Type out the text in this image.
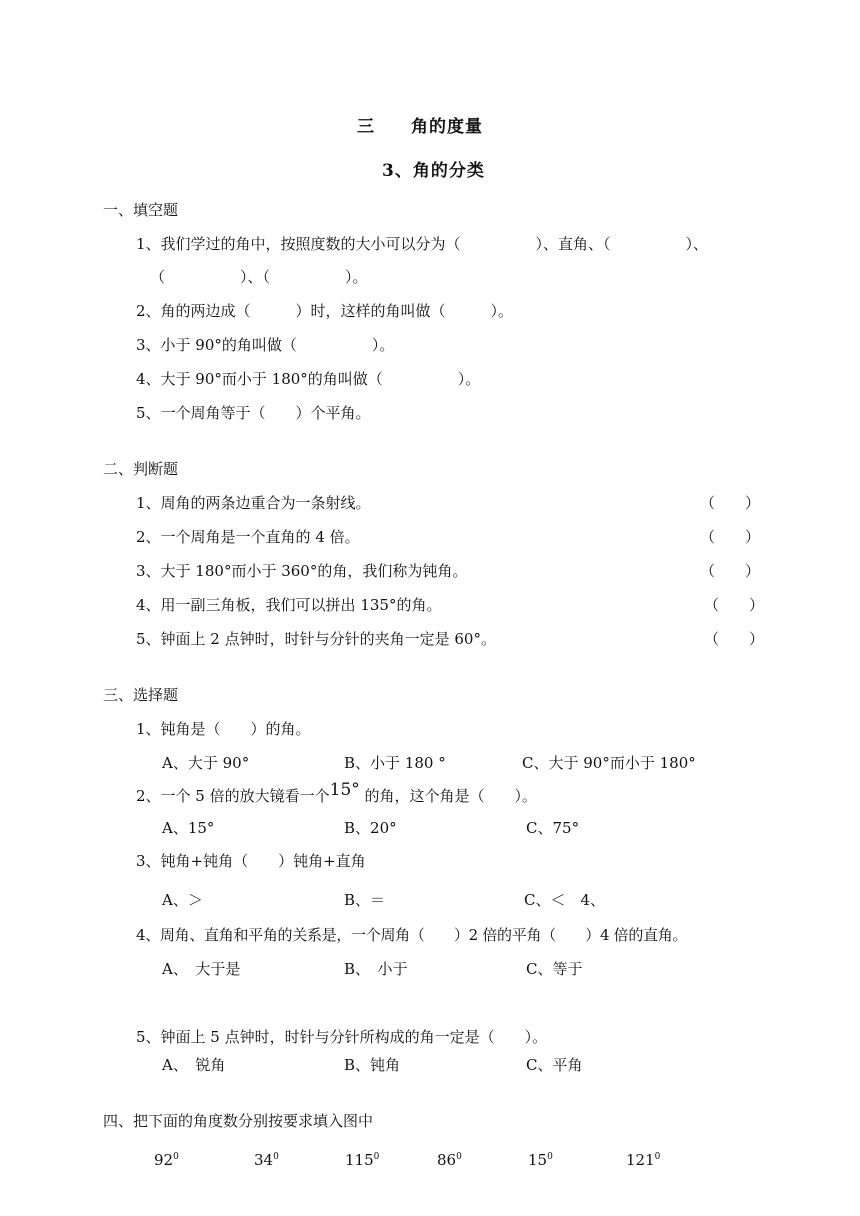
三　　角的度量
3、角的分类
一、填空题
1、我们学过的角中，按照度数的大小可以分为（　　　　　）、直角、（　　　　　）、
（　　　　　）、（　　　　　）。
2、角的两边成（　　　）时，这样的角叫做（　　　）。
3、小于 90°的角叫做（　　　　　）。
4、大于 90°而小于 180°的角叫做（　　　　　）。
5、一个周角等于（　　）个平角。
二、判断题
1、周角的两条边重合为一条射线。	（　　）
2、一个周角是一个直角的 4 倍。	（　　）
3、大于 180°而小于 360°的角，我们称为钝角。	（　　）
4、用一副三角板，我们可以拼出 135°的角。	（　　）
5、钟面上 2 点钟时，时针与分针的夹角一定是 60°。	（　　）
三、选择题
1、钝角是（　　）的角。
A、大于 90°	B、小于 180 °	C、大于 90°而小于 180°
2、一个 5 倍的放大镜看一个15° 的角，这个角是（　　）。
A、15°	B、20°	C、75°
3、钝角+钝角（　　）钝角+直角
A、＞	B、＝	C、＜　4、
4、周角、直角和平角的关系是，一个周角（　　）2 倍的平角（　　）4 倍的直角。
A、　大于是	B、　小于	C、等于
5、钟面上 5 点钟时，时针与分针所构成的角一定是（　　）。
A、　锐角	B、钝角	C、平角
四、把下面的角度数分别按要求填入图中
$92^0$	$34^0$	$115^0$	$86^0$	$15^0$	$121^0$
